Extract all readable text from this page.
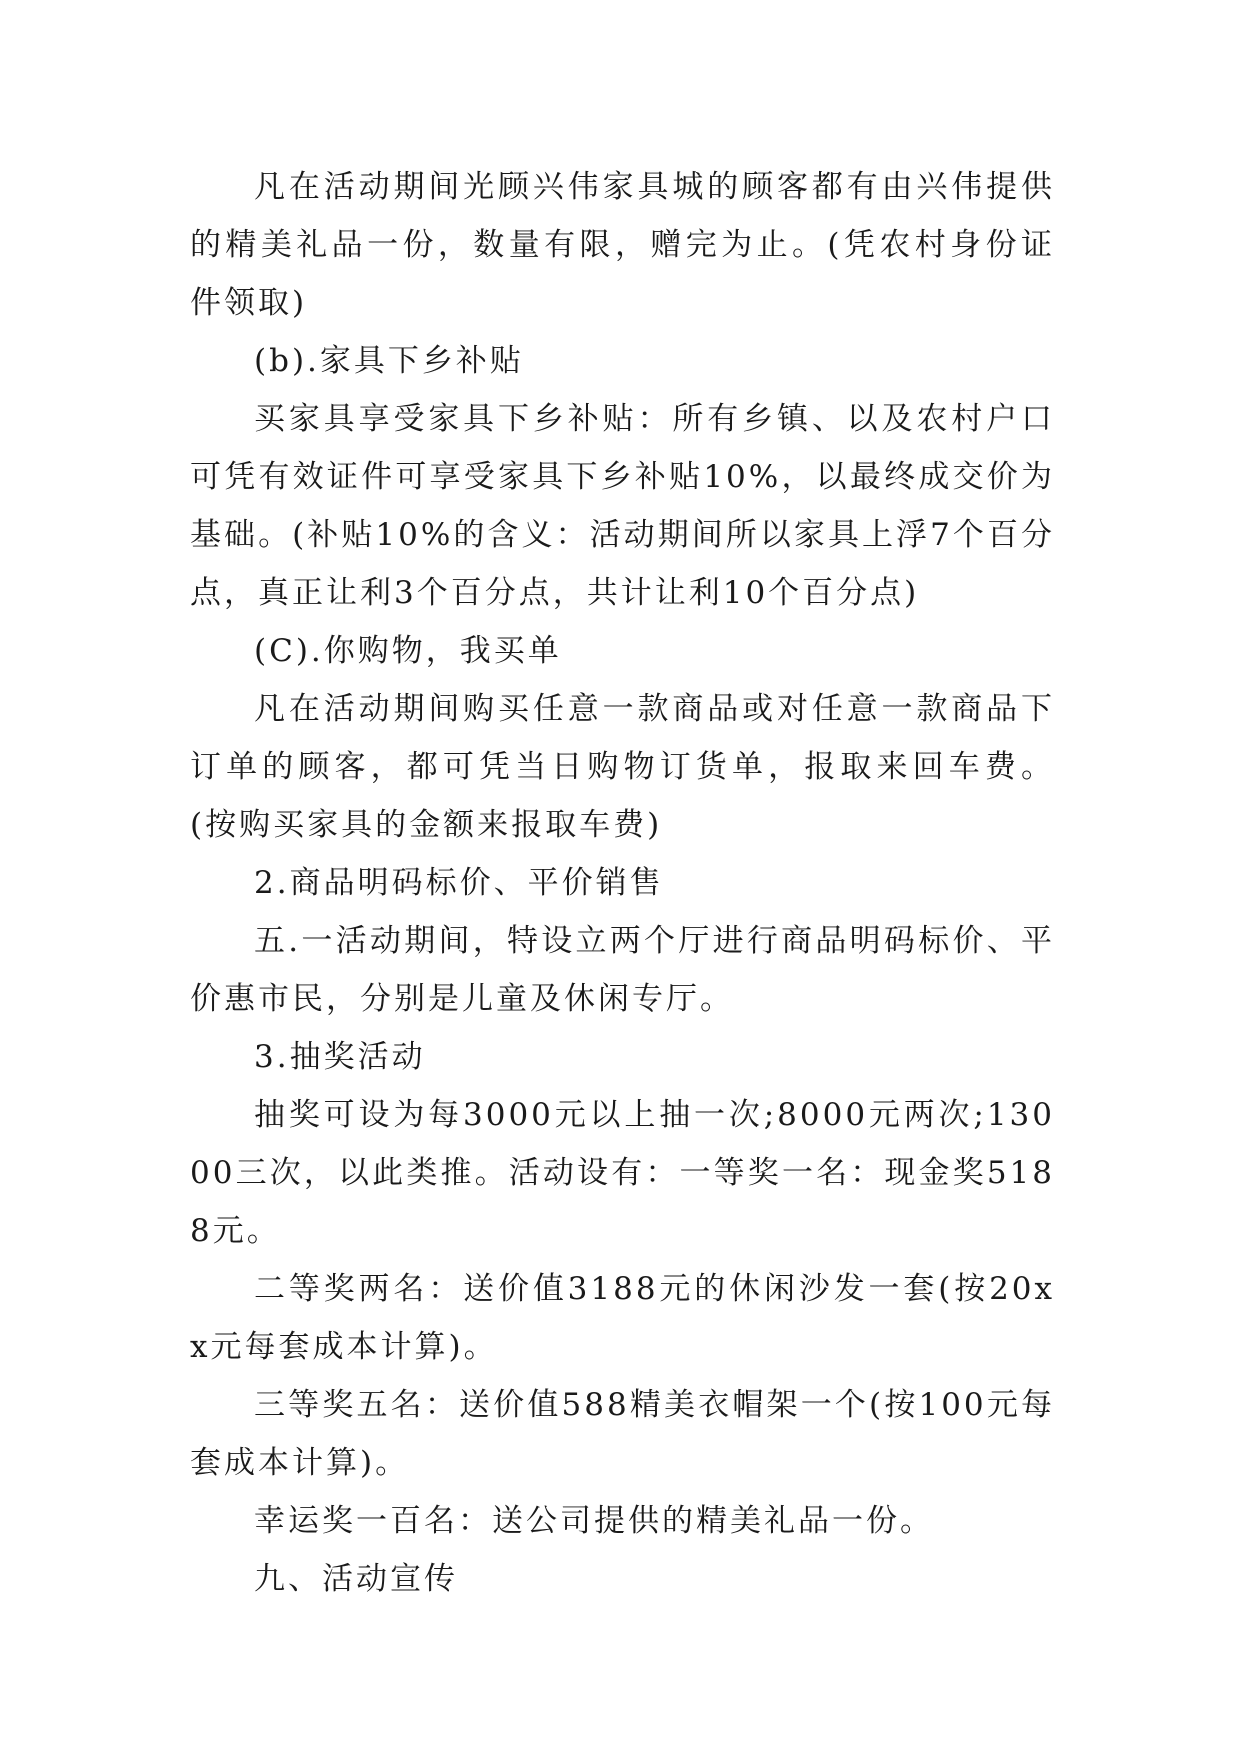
凡在活动期间光顾兴伟家具城的顾客都有由兴伟提供的精美礼品一份，数量有限，赠完为止。(凭农村身份证件领取)

(b).家具下乡补贴

买家具享受家具下乡补贴：所有乡镇、以及农村户口可凭有效证件可享受家具下乡补贴10%，以最终成交价为基础。(补贴10%的含义：活动期间所以家具上浮7个百分点，真正让利3个百分点，共计让利10个百分点)

(C).你购物，我买单

凡在活动期间购买任意一款商品或对任意一款商品下订单的顾客，都可凭当日购物订货单，报取来回车费。(按购买家具的金额来报取车费)

2.商品明码标价、平价销售

五.一活动期间，特设立两个厅进行商品明码标价、平价惠市民，分别是儿童及休闲专厅。

3.抽奖活动

抽奖可设为每3000元以上抽一次;8000元两次;13000三次，以此类推。活动设有：一等奖一名：现金奖5188元。

二等奖两名：送价值3188元的休闲沙发一套(按20xx元每套成本计算)。

三等奖五名：送价值588精美衣帽架一个(按100元每套成本计算)。

幸运奖一百名：送公司提供的精美礼品一份。

九、活动宣传
